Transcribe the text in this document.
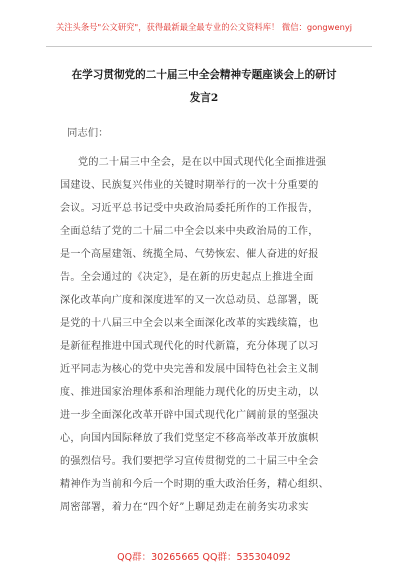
关注头条号"公文研究"，获得最新最全最专业的公文资料库！ 微信：gongwenyj
在学习贯彻党的二十届三中全会精神专题座谈会上的研讨
发言2
同志们：
党的二十届三中全会，是在以中国式现代化全面推进强
国建设、民族复兴伟业的关键时期举行的一次十分重要的
会议。习近平总书记受中央政治局委托所作的工作报告，
全面总结了党的二十届二中全会以来中央政治局的工作，
是一个高屋建瓴、统揽全局、气势恢宏、催人奋进的好报
告。全会通过的《决定》，是在新的历史起点上推进全面
深化改革向广度和深度进军的又一次总动员、总部署，既
是党的十八届三中全会以来全面深化改革的实践续篇，也
是新征程推进中国式现代化的时代新篇，充分体现了以习
近平同志为核心的党中央完善和发展中国特色社会主义制
度、推进国家治理体系和治理能力现代化的历史主动，以
进一步全面深化改革开辟中国式现代化广阔前景的坚强决
心，向国内国际释放了我们党坚定不移高举改革开放旗帜
的强烈信号。我们要把学习宣传贯彻党的二十届三中全会
精神作为当前和今后一个时期的重大政治任务，精心组织、
周密部署，着力在“四个好”上聊足劲走在前务实功求实
QQ群：30265665 QQ群：535304092
